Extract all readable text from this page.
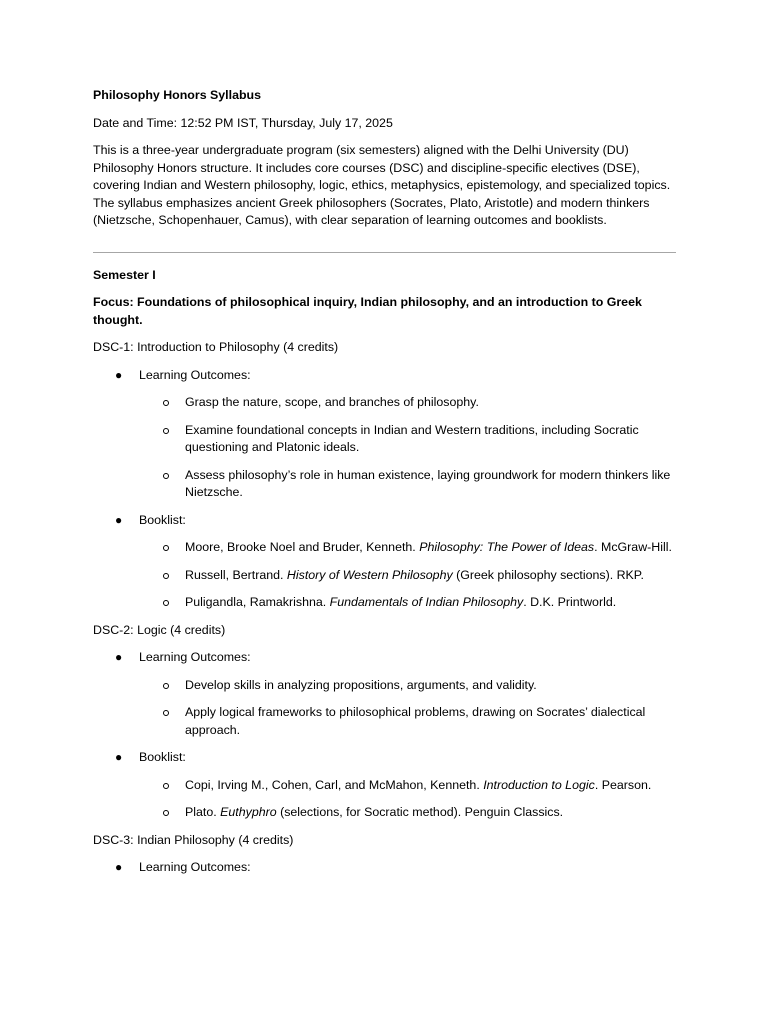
Philosophy Honors Syllabus

Date and Time: 12:52 PM IST, Thursday, July 17, 2025

This is a three-year undergraduate program (six semesters) aligned with the Delhi University (DU) Philosophy Honors structure. It includes core courses (DSC) and discipline-specific electives (DSE), covering Indian and Western philosophy, logic, ethics, metaphysics, epistemology, and specialized topics. The syllabus emphasizes ancient Greek philosophers (Socrates, Plato, Aristotle) and modern thinkers (Nietzsche, Schopenhauer, Camus), with clear separation of learning outcomes and booklists.

Semester I

Focus: Foundations of philosophical inquiry, Indian philosophy, and an introduction to Greek thought.

DSC-1: Introduction to Philosophy (4 credits)

● Learning Outcomes:

Grasp the nature, scope, and branches of philosophy.
Examine foundational concepts in Indian and Western traditions, including Socratic questioning and Platonic ideals.
Assess philosophy’s role in human existence, laying groundwork for modern thinkers like Nietzsche.
● Booklist:

Moore, Brooke Noel and Bruder, Kenneth. Philosophy: The Power of Ideas. McGraw-Hill.
Russell, Bertrand. History of Western Philosophy (Greek philosophy sections). RKP.
Puligandla, Ramakrishna. Fundamentals of Indian Philosophy. D.K. Printworld.

DSC-2: Logic (4 credits)

● Learning Outcomes:

Develop skills in analyzing propositions, arguments, and validity.
Apply logical frameworks to philosophical problems, drawing on Socrates’ dialectical approach.
● Booklist:

Copi, Irving M., Cohen, Carl, and McMahon, Kenneth. Introduction to Logic. Pearson.
Plato. Euthyphro (selections, for Socratic method). Penguin Classics.

DSC-3: Indian Philosophy (4 credits)

● Learning Outcomes:
